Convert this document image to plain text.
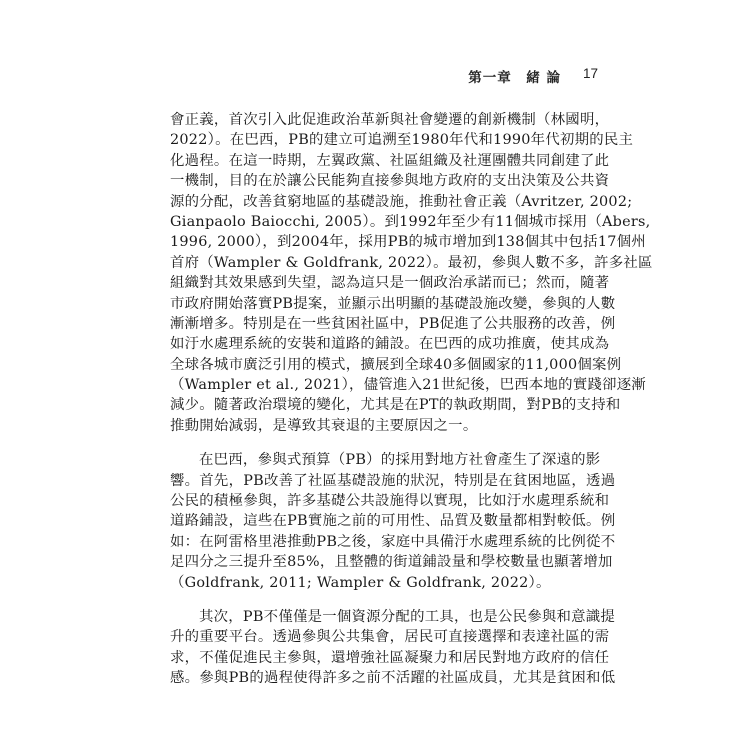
第一章　緒 論 17
會正義，首次引入此促進政治革新與社會變遷的創新機制（林國明，
2022）。在巴西，PB的建立可追溯至1980年代和1990年代初期的民主
化過程。在這一時期，左翼政黨、社區組織及社運團體共同創建了此
一機制，目的在於讓公民能夠直接參與地方政府的支出決策及公共資
源的分配，改善貧窮地區的基礎設施，推動社會正義（Avritzer, 2002;
Gianpaolo Baiocchi, 2005）。到1992年至少有11個城市採用（Abers,
1996, 2000），到2004年，採用PB的城市增加到138個其中包括17個州
首府（Wampler & Goldfrank, 2022）。最初，參與人數不多，許多社區
組織對其效果感到失望，認為這只是一個政治承諾而已；然而，隨著
市政府開始落實PB提案，並顯示出明顯的基礎設施改變，參與的人數
漸漸增多。特別是在一些貧困社區中，PB促進了公共服務的改善，例
如汙水處理系統的安裝和道路的鋪設。在巴西的成功推廣，使其成為
全球各城市廣泛引用的模式，擴展到全球40多個國家的11,000個案例
（Wampler et al., 2021），儘管進入21世紀後，巴西本地的實踐卻逐漸
減少。隨著政治環境的變化，尤其是在PT的執政期間，對PB的支持和
推動開始減弱，是導致其衰退的主要原因之一。
在巴西，參與式預算（PB）的採用對地方社會產生了深遠的影
響。首先，PB改善了社區基礎設施的狀況，特別是在貧困地區，透過
公民的積極參與，許多基礎公共設施得以實現，比如汙水處理系統和
道路鋪設，這些在PB實施之前的可用性、品質及數量都相對較低。例
如：在阿雷格里港推動PB之後，家庭中具備汙水處理系統的比例從不
足四分之三提升至85%，且整體的街道鋪設量和學校數量也顯著增加
（Goldfrank, 2011; Wampler & Goldfrank, 2022）。
其次，PB不僅僅是一個資源分配的工具，也是公民參與和意識提
升的重要平台。透過參與公共集會，居民可直接選擇和表達社區的需
求，不僅促進民主參與，還增強社區凝聚力和居民對地方政府的信任
感。參與PB的過程使得許多之前不活躍的社區成員，尤其是貧困和低
